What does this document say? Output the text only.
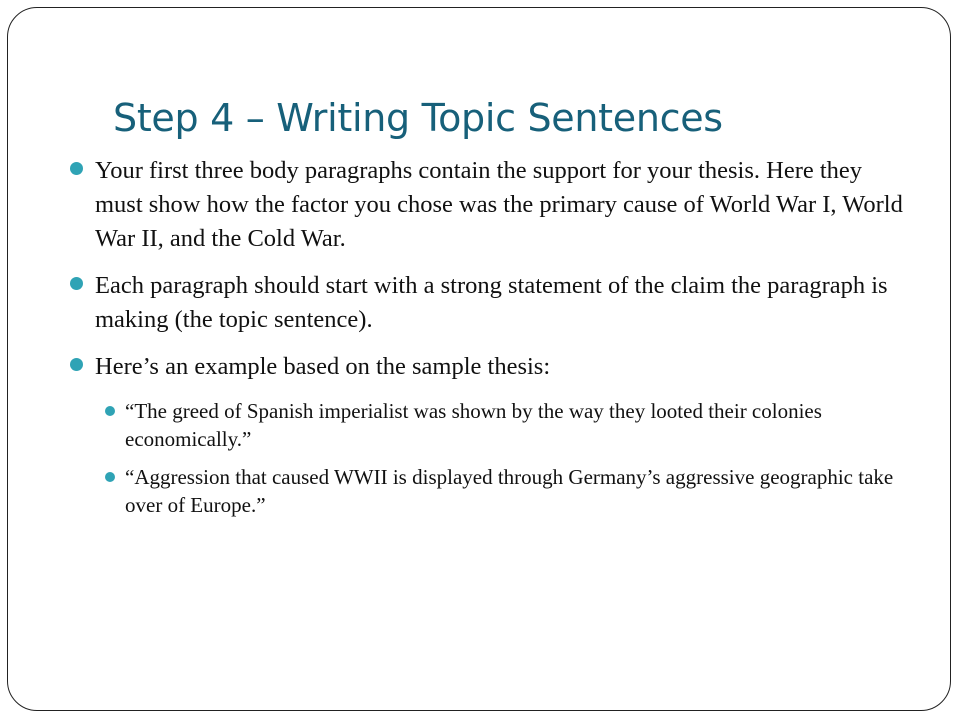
Step 4 – Writing Topic Sentences
Your first three body paragraphs contain the support for your thesis. Here they must show how the factor you chose was the primary cause of World War I, World War II, and the Cold War.
Each paragraph should start with a strong statement of the claim the paragraph is making (the topic sentence).
Here’s an example based on the sample thesis:
“The greed of Spanish imperialist was shown by the way they looted their colonies economically.”
“Aggression that caused WWII is displayed through Germany’s aggressive geographic take over of Europe.”
